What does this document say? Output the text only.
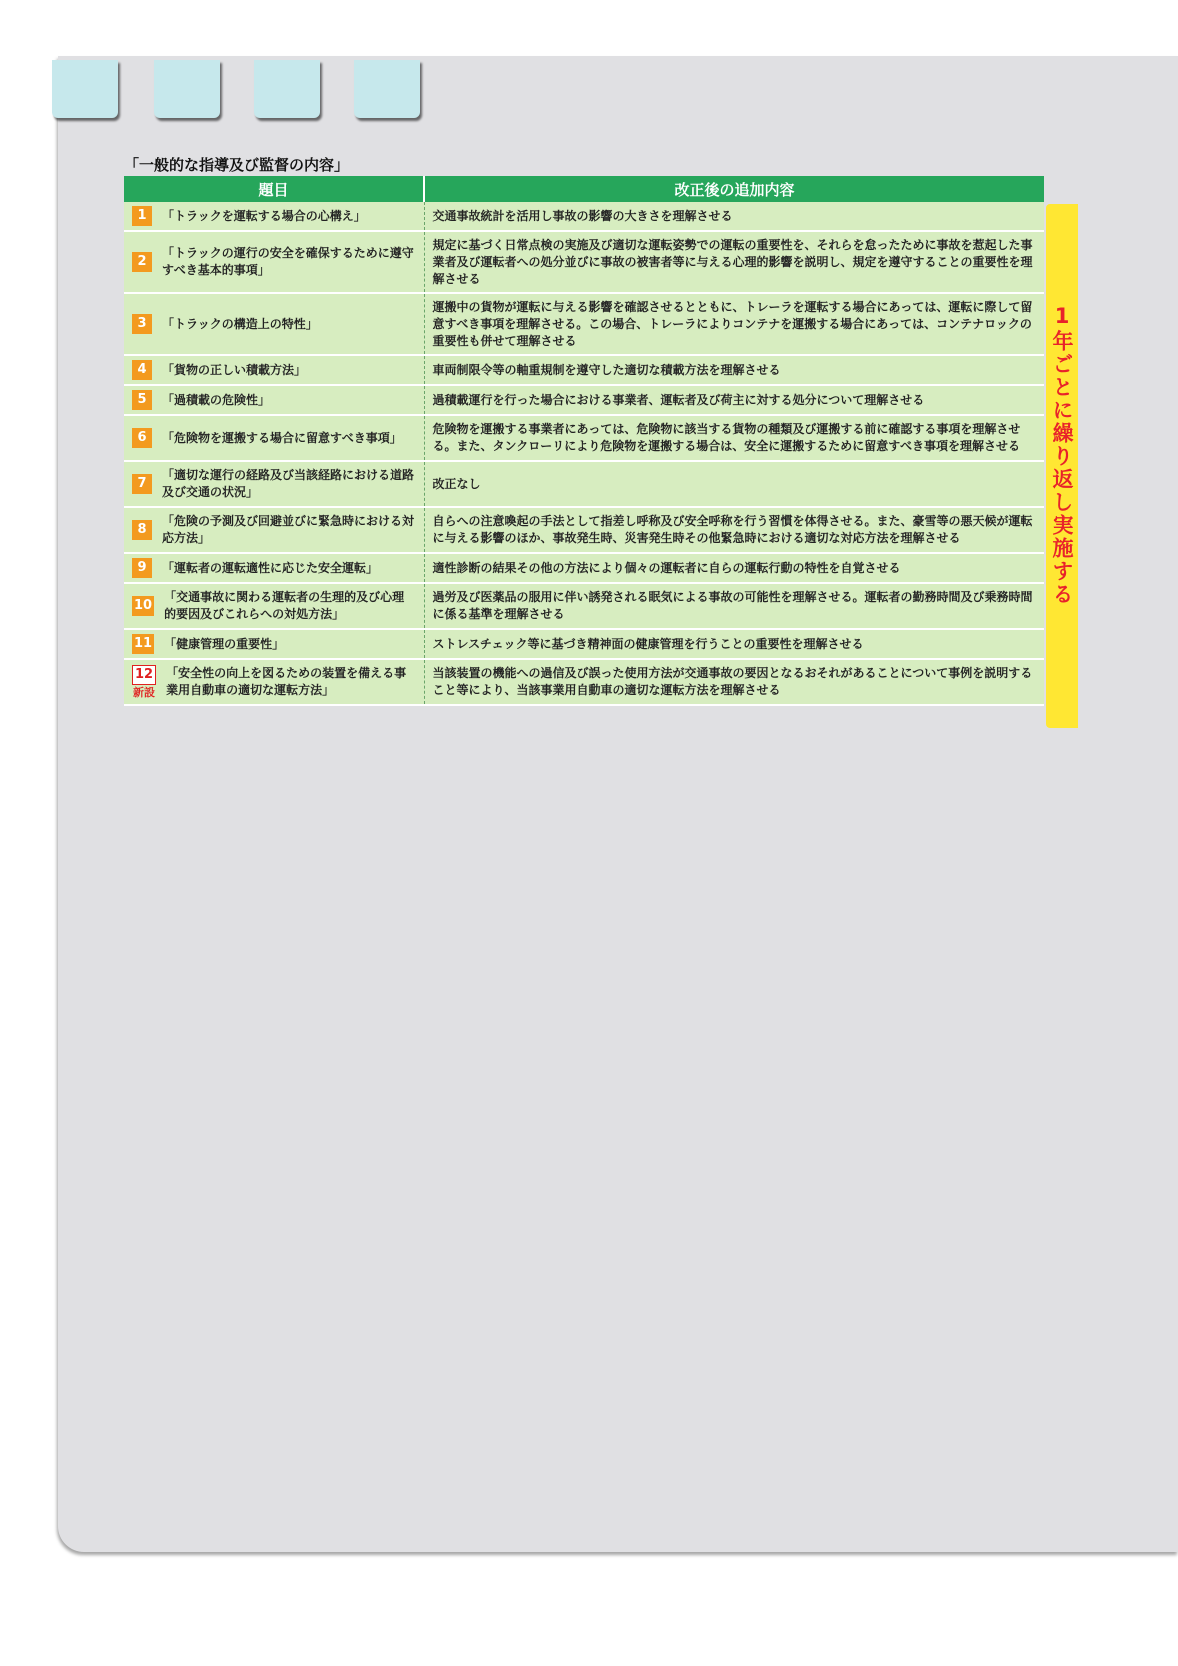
「一般的な指導及び監督の内容」
題目	改正後の追加内容

1 「トラックを運転する場合の心構え」	交通事故統計を活用し事故の影響の大きさを理解させる

2
「トラックの運行の安全を確保するために遵守すべき基本的事項」	規定に基づく日常点検の実施及び適切な運転姿勢での運転の重要性を、それらを怠ったために事故を惹起した事業者及び運転者への処分並びに事故の被害者等に与える心理的影響を説明し、規定を遵守することの重要性を理解させる

3 「トラックの構造上の特性」	運搬中の貨物が運転に与える影響を確認させるとともに、トレーラを運転する場合にあっては、運転に際して留意すべき事項を理解させる。この場合、トレーラによりコンテナを運搬する場合にあっては、コンテナロックの重要性も併せて理解させる

4 「貨物の正しい積載方法」	車両制限令等の軸重規制を遵守した適切な積載方法を理解させる

5 「過積載の危険性」	過積載運行を行った場合における事業者、運転者及び荷主に対する処分について理解させる

6 「危険物を運搬する場合に留意すべき事項」	危険物を運搬する事業者にあっては、危険物に該当する貨物の種類及び運搬する前に確認する事項を理解させる。また、タンクローリにより危険物を運搬する場合は、安全に運搬するために留意すべき事項を理解させる

7
「適切な運行の経路及び当該経路における道路及び交通の状況」	改正なし

8
「危険の予測及び回避並びに緊急時における対応方法」	自らへの注意喚起の手法として指差し呼称及び安全呼称を行う習慣を体得させる。また、豪雪等の悪天候が運転に与える影響のほか、事故発生時、災害発生時その他緊急時における適切な対応方法を理解させる

9 「運転者の運転適性に応じた安全運転」	適性診断の結果その他の方法により個々の運転者に自らの運転行動の特性を自覚させる

10
「交通事故に関わる運転者の生理的及び心理的要因及びこれらへの対処方法」	過労及び医薬品の服用に伴い誘発される眠気による事故の可能性を理解させる。運転者の勤務時間及び乗務時間に係る基準を理解させる

11 「健康管理の重要性」	ストレスチェック等に基づき精神面の健康管理を行うことの重要性を理解させる

12
新設
「安全性の向上を図るための装置を備える事業用自動車の適切な運転方法」	当該装置の機能への過信及び誤った使用方法が交通事故の要因となるおそれがあることについて事例を説明すること等により、当該事業用自動車の適切な運転方法を理解させる
1年ごとに繰り返し実施する
